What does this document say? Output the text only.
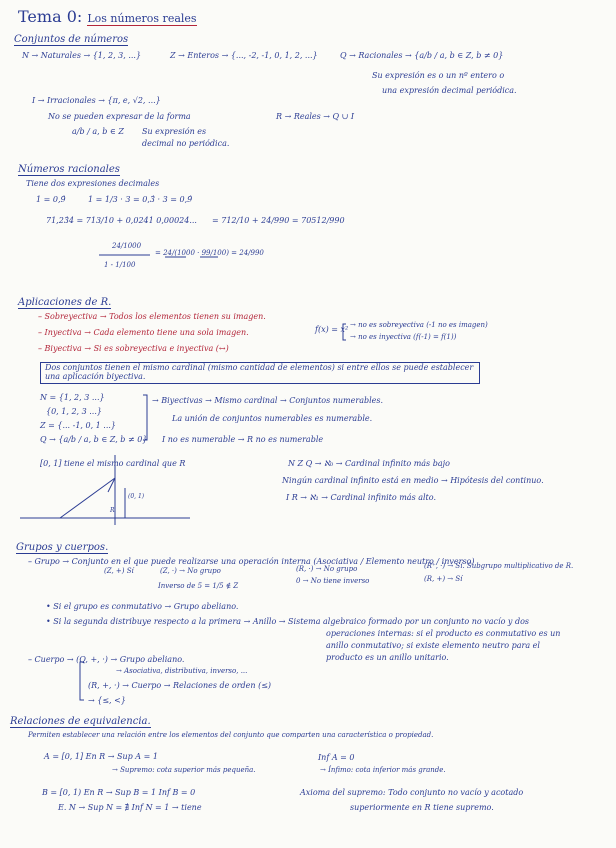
Tema 0: Los números reales
Conjuntos de números
N → Naturales → {1, 2, 3, ...}	Z → Enteros → {..., -2, -1, 0, 1, 2, ...}	Q → Racionales → {a/b / a, b ∈ Z, b ≠ 0}
Su expresión es o un nº entero o
una expresión decimal periódica.
I → Irracionales → {π, e, √2, ...}
No se pueden expresar de la forma
a/b / a, b ∈ Z Su expresión es
decimal no periódica.
R → Reales → Q ∪ I
Números racionales
Tiene dos expresiones decimales
1 = 0,9̂	1 = 1/3 · 3 = 0,3̂ · 3 = 0,9̂
71,23̂4 = 713/10 + 0,0241 0,00024... = 712/10 + 24/990 = 70512/990
24/1000
1 - 1/100
= 24/(1000 · 99/100) = 24/990
Aplicaciones de R.
– Sobreyectiva → Todos los elementos tienen su imagen.
– Inyectiva → Cada elemento tiene una sola imagen.
– Biyectiva → Si es sobreyectiva e inyectiva (↔)
f(x) = x² → no es sobreyectiva (-1 no es imagen)
→ no es inyectiva (f(-1) = f(1))
Dos conjuntos tienen el mismo cardinal (mismo cantidad de elementos) si entre ellos se puede establecer una aplicación biyectiva.
N = {1, 2, 3 ...}
{0, 1, 2, 3 ...}
Z = {... -1, 0, 1 ...}
Q → {a/b / a, b ∈ Z, b ≠ 0}
→ Biyectivas → Mismo cardinal → Conjuntos numerables.
La unión de conjuntos numerables es numerable.
I no es numerable → R no es numerable
[0, 1] tiene el mismo cardinal que R	N Z Q → ℵ₀ → Cardinal infinito más bajo
Ningún cardinal infinito está en medio → Hipótesis del continuo.
I R → ℵ₁ → Cardinal infinito más alto.
(0, 1)
R
Grupos y cuerpos.
– Grupo → Conjunto en el que puede realizarse una operación interna (Asociativa / Elemento neutro / inverso)
(Z, +) Sí	(Z, ·) → No grupo
Inverso de 5 = 1/5 ∉ Z
(R, ·) → No grupo
0 → No tiene inverso
(R⁺, ·) → Sí. Subgrupo multiplicativo de R.
(R, +) → Sí
• Si el grupo es conmutativo → Grupo abeliano.
• Si la segunda distribuye respecto a la primera → Anillo → Sistema algebraico formado por un conjunto no vacío y dos
operaciones internas: si el producto es conmutativo es un
anillo conmutativo; si existe elemento neutro para el
producto es un anillo unitario.
– Cuerpo → (Q, +, ·) → Grupo abeliano.
→ Asociativa, distributiva, inverso, ...
(R, +, ·) → Cuerpo → Relaciones de orden (≤)
→ {≤, <}
Relaciones de equivalencia.
Permiten establecer una relación entre los elementos del conjunto que comparten una característica o propiedad.
A = [0, 1] En R → Sup A = 1
→ Supremo: cota superior más pequeña.
Inf A = 0
→ Ínfimo: cota inferior más grande.
B = [0, 1) En R → Sup B = 1 Inf B = 0
E. N → Sup N = ∄ Inf N = 1 → tiene
Axioma del supremo: Todo conjunto no vacío y acotado
superiormente en R tiene supremo.
